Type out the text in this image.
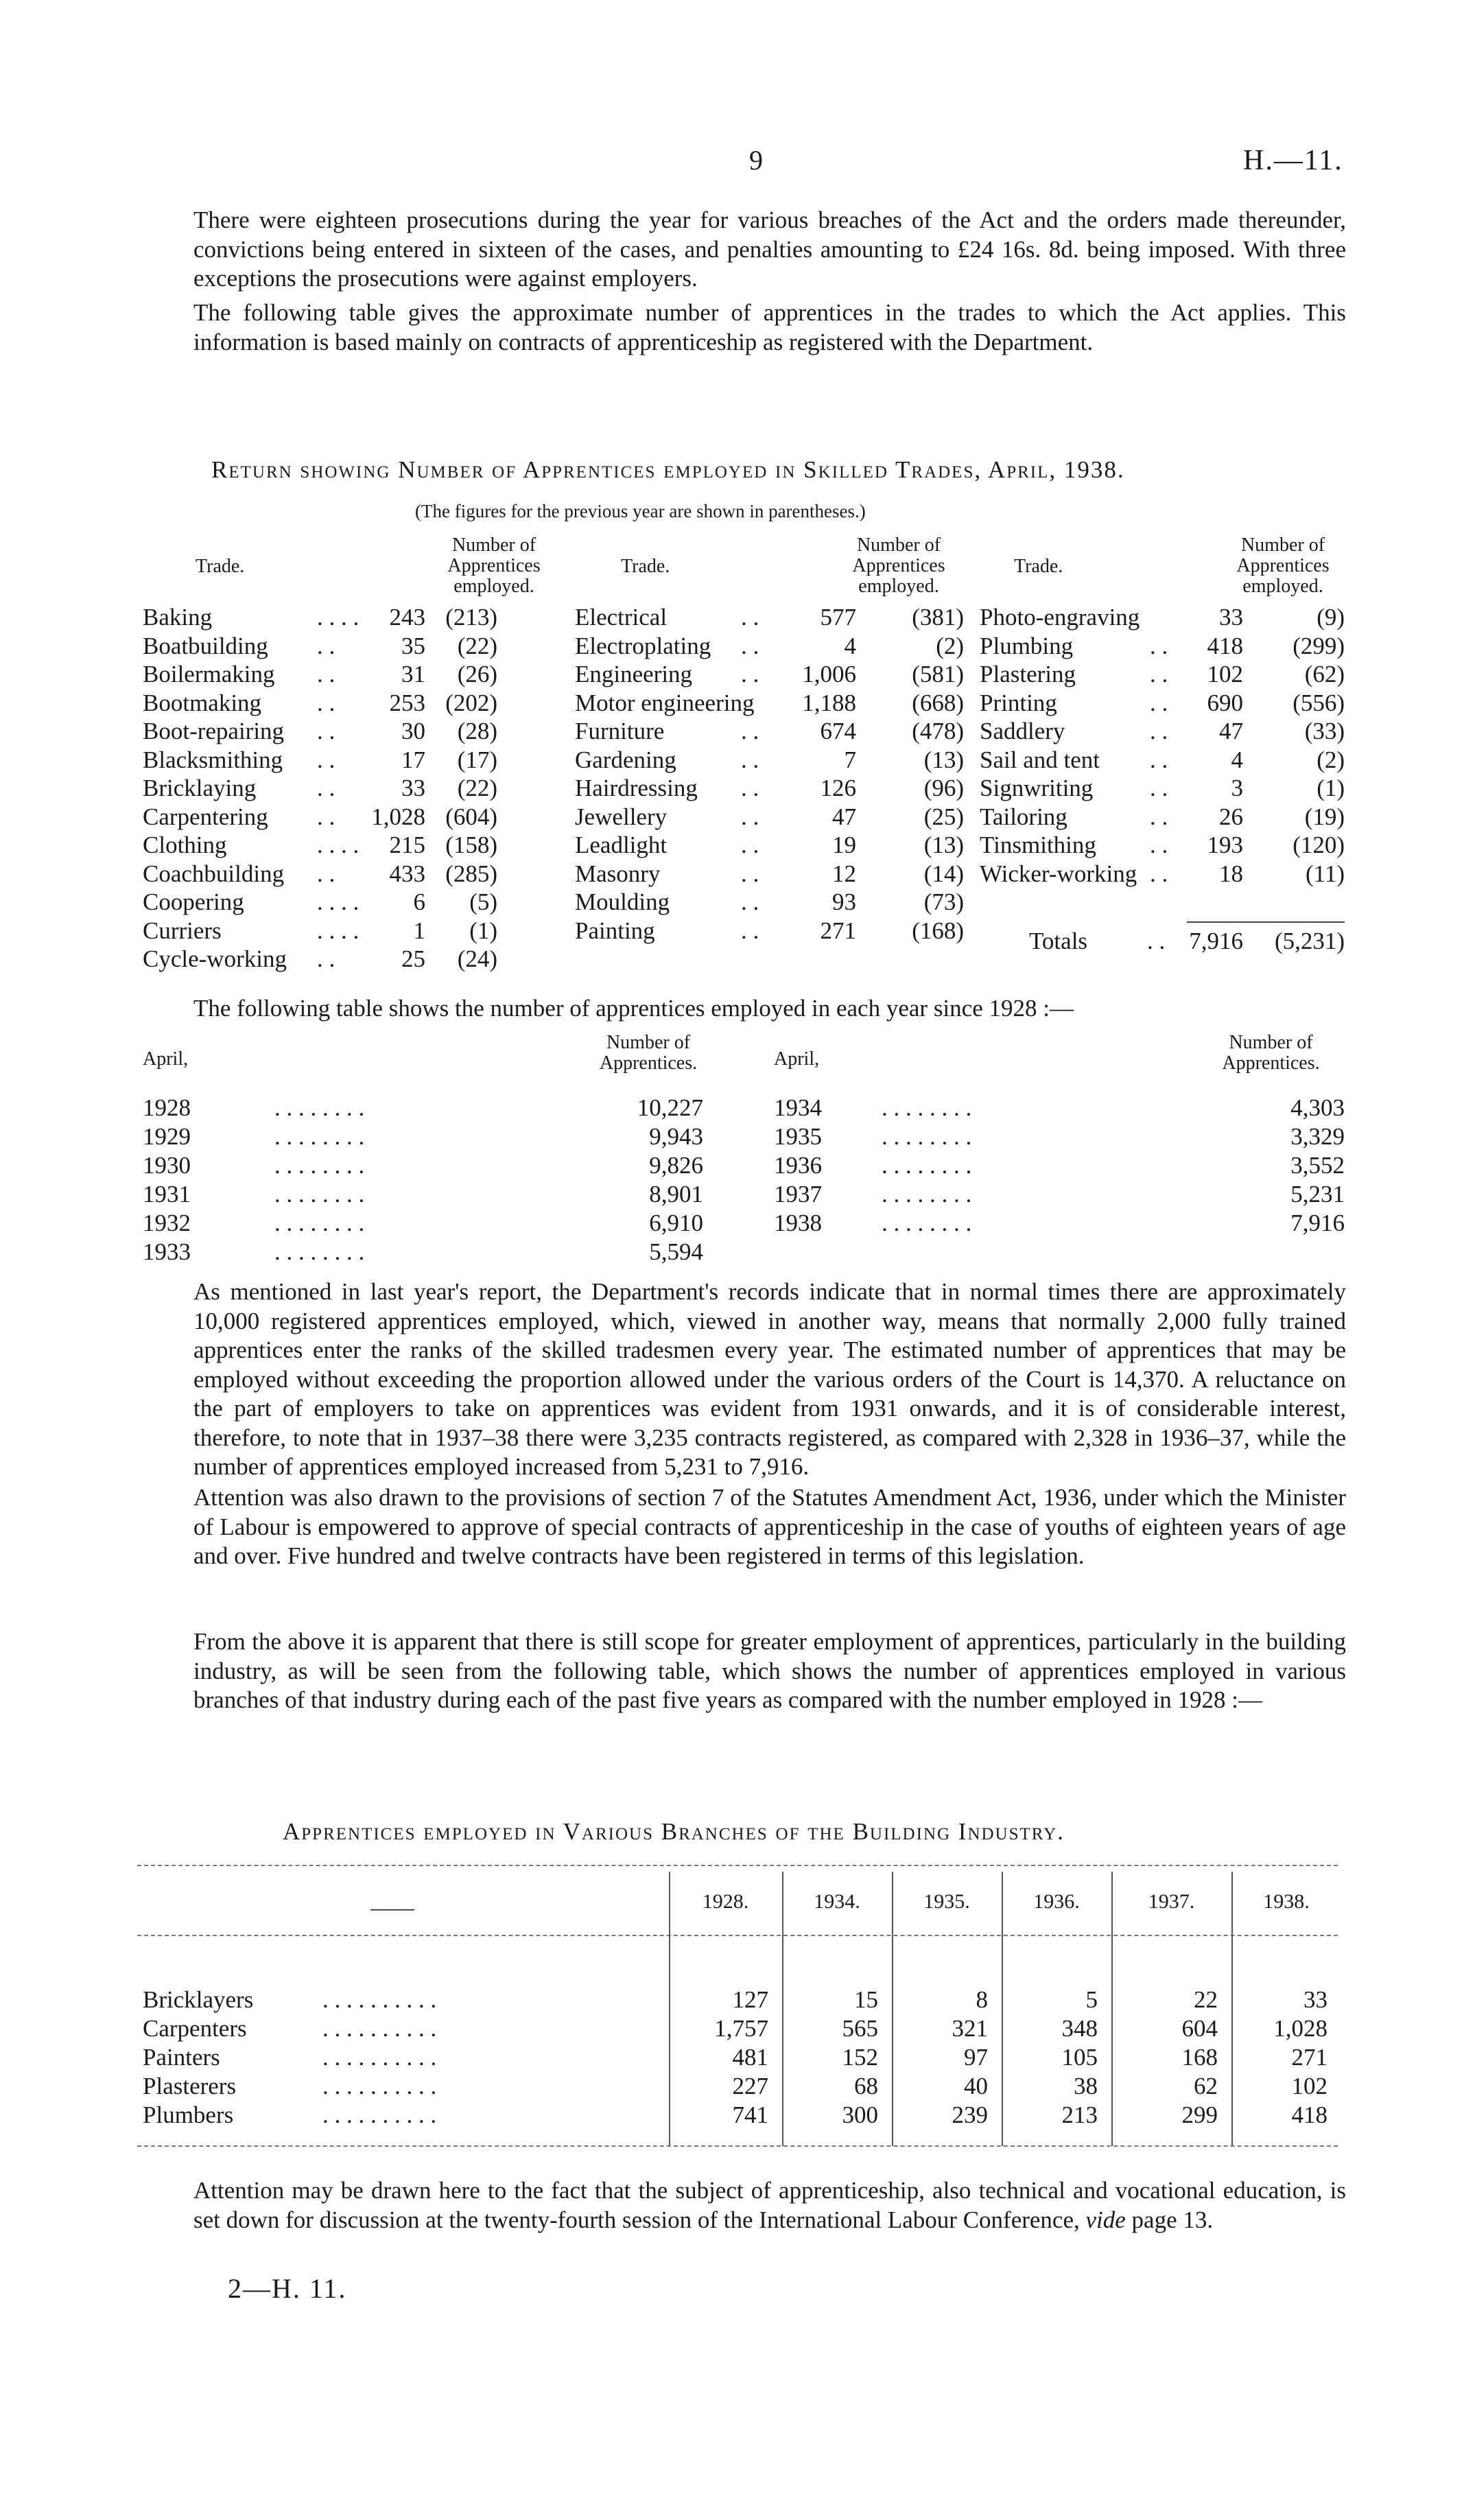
9	H.—11.

There were eighteen prosecutions during the year for various breaches of the Act and the orders made thereunder, convictions being entered in sixteen of the cases, and penalties amounting to £24 16s. 8d. being imposed. With three exceptions the prosecutions were against employers.

The following table gives the approximate number of apprentices in the trades to which the Act applies. This information is based mainly on contracts of apprenticeship as registered with the Department.

Return showing Number of Apprentices employed in Skilled Trades, April, 1938.
(The figures for the previous year are shown in parentheses.)
Trade.
Number of Apprentices employed.
Trade.
Number of Apprentices employed.
Trade.
Number of Apprentices employed.
Baking	. . . .	243 (213)
Boatbuilding . .	35	(22)
Boilermaking . .	31	(26)
Bootmaking . .	253 (202)
Boot-repairing . .	30	(28)
Blacksmithing . .	17	(17)
Bricklaying	. .	33	(22)
Carpentering . .	1,028 (604)
Clothing	. . . .	215 (158)
Coachbuilding . .	433 (285)
Coopering	. . . .	6	(5)
Curriers	. . . .	1	(1)
Cycle-working . .	25	(24)
Electrical	. .	577	(381)
Electroplating . .	4	(2)
Engineering . .	1,006	(581)
Motor engineering	1,188	(668)
Furniture	. .	674	(478)
Gardening	. .	7	(13)
Hairdressing . .	126	(96)
Jewellery	. .	47	(25)
Leadlight	. .	19	(13)
Masonry	. .	12	(14)
Moulding	. .	93	(73)
Painting	. .	271	(168)
Photo-engraving	33	(9)
Plumbing	. .	418	(299)
Plastering	. .	102	(62)
Printing	. .	690	(556)
Saddlery	. .	47	(33)
Sail and tent . .	4	(2)
Signwriting . .	3	(1)
Tailoring	. .	26	(19)
Tinsmithing . .	193	(120)
Wicker-working . .	18	(11)
Totals . .	7,916	(5,231)
The following table shows the number of apprentices employed in each year since 1928 :—
April,
Number of Apprentices.	April,
Number of Apprentices.
1928	. . . . . . . .	10,227
1929	. . . . . . . .	9,943
1930	. . . . . . . .	9,826
1931	. . . . . . . .	8,901
1932	. . . . . . . .	6,910
1933	. . . . . . . .	5,594
1934 . . . . . . . .	4,303
1935 . . . . . . . .	3,329
1936 . . . . . . . .	3,552
1937 . . . . . . . .	5,231
1938 . . . . . . . .	7,916

As mentioned in last year's report, the Department's records indicate that in normal times there are approximately 10,000 registered apprentices employed, which, viewed in another way, means that normally 2,000 fully trained apprentices enter the ranks of the skilled tradesmen every year. The estimated number of apprentices that may be employed without exceeding the proportion allowed under the various orders of the Court is 14,370. A reluctance on the part of employers to take on apprentices was evident from 1931 onwards, and it is of considerable interest, therefore, to note that in 1937–38 there were 3,235 contracts registered, as compared with 2,328 in 1936–37, while the number of apprentices employed increased from 5,231 to 7,916.

Attention was also drawn to the provisions of section 7 of the Statutes Amendment Act, 1936, under which the Minister of Labour is empowered to approve of special contracts of apprenticeship in the case of youths of eighteen years of age and over. Five hundred and twelve contracts have been registered in terms of this legislation.

From the above it is apparent that there is still scope for greater employment of apprentices, particularly in the building industry, as will be seen from the following table, which shows the number of apprentices employed in various branches of that industry during each of the past five years as compared with the number employed in 1928 :—

Apprentices employed in Various Branches of the Building Industry.
——	1928.	1934.	1935.	1936.	1937.	1938.
Bricklayers	. . . . . . . . . .	127	15	8	5	22	33
Carpenters	. . . . . . . . . .	1,757	565	321	348	604	1,028
Painters	. . . . . . . . . .	481	152	97	105	168	271
Plasterers	. . . . . . . . . .	227	68	40	38	62	102
Plumbers	. . . . . . . . . .	741	300	239	213	299	418

Attention may be drawn here to the fact that the subject of apprenticeship, also technical and vocational education, is set down for discussion at the twenty-fourth session of the International Labour Conference, vide page 13.

2—H. 11.
